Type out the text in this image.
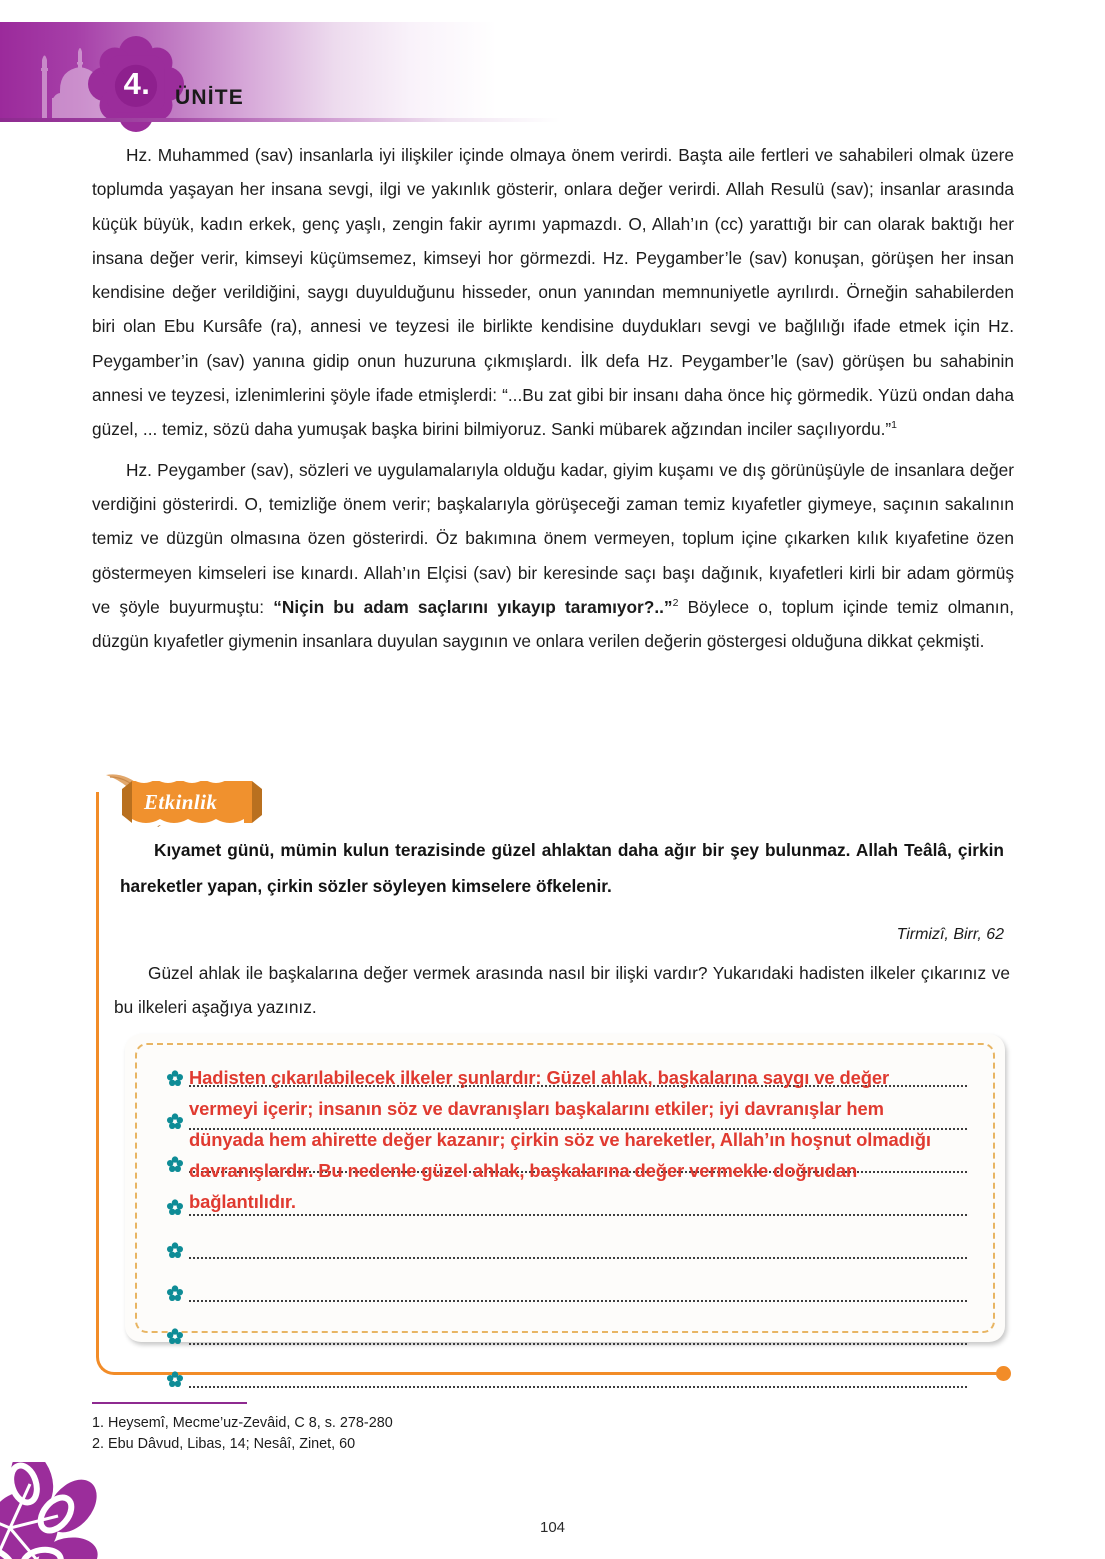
4.	ÜNİTE

Hz. Muhammed (sav) insanlarla iyi ilişkiler içinde olmaya önem verirdi. Başta aile fertleri ve sahabileri olmak üzere toplumda yaşayan her insana sevgi, ilgi ve yakınlık gösterir, onlara değer verirdi. Allah Resulü (sav); insanlar arasında küçük büyük, kadın erkek, genç yaşlı, zengin fakir ayrımı yapmazdı. O, Allah’ın (cc) yarattığı bir can olarak baktığı her insana değer verir, kimseyi küçümsemez, kimseyi hor görmezdi. Hz. Peygamber’le (sav) konuşan, görüşen her insan kendisine değer verildiğini, saygı duyulduğunu hisseder, onun yanından memnuniyetle ayrılırdı. Örneğin sahabilerden biri olan Ebu Kursâfe (ra), annesi ve teyzesi ile birlikte kendisine duydukları sevgi ve bağlılığı ifade etmek için Hz. Peygamber’in (sav) yanına gidip onun huzuruna çıkmışlardı. İlk defa Hz. Peygamber’le (sav) görüşen bu sahabinin annesi ve teyzesi, izlenimlerini şöyle ifade etmişlerdi: “...Bu zat gibi bir insanı daha önce hiç görmedik. Yüzü ondan daha güzel, ... temiz, sözü daha yumuşak başka birini bilmiyoruz. Sanki mübarek ağzından inciler saçılıyordu.”$^1$

Hz. Peygamber (sav), sözleri ve uygulamalarıyla olduğu kadar, giyim kuşamı ve dış görünüşüyle de insanlara değer verdiğini gösterirdi. O, temizliğe önem verir; başkalarıyla görüşeceği zaman temiz kıyafetler giymeye, saçının sakalının temiz ve düzgün olmasına özen gösterirdi. Öz bakımına önem vermeyen, toplum içine çıkarken kılık kıyafetine özen göstermeyen kimseleri ise kınardı. Allah’ın Elçisi (sav) bir keresinde saçı başı dağınık, kıyafetleri kirli bir adam görmüş ve şöyle buyurmuştu: “Niçin bu adam saçlarını yıkayıp taramıyor?..”$^2$ Böylece o, toplum içinde temiz olmanın, düzgün kıyafetler giymenin insanlara duyulan saygının ve onlara verilen değerin göstergesi olduğuna dikkat çekmişti.

Etkinlik

Kıyamet günü, mümin kulun terazisinde güzel ahlaktan daha ağır bir şey bulunmaz. Allah Teâlâ, çirkin hareketler yapan, çirkin sözler söyleyen kimselere öfkelenir.

Tirmizî, Birr, 62

Güzel ahlak ile başkalarına değer vermek arasında nasıl bir ilişki vardır? Yukarıdaki hadisten ilkeler çıkarınız ve bu ilkeleri aşağıya yazınız.

Hadisten çıkarılabilecek ilkeler şunlardır: Güzel ahlak, başkalarına saygı ve değer vermeyi içerir; insanın söz ve davranışları başkalarını etkiler; iyi davranışlar hem dünyada hem ahirette değer kazanır; çirkin söz ve hareketler, Allah’ın hoşnut olmadığı davranışlardır. Bu nedenle güzel ahlak, başkalarına değer vermekle doğrudan bağlantılıdır.
1. Heysemî, Mecme’uz-Zevâid, C 8, s. 278-280
2. Ebu Dâvud, Libas, 14; Nesâî, Zinet, 60
104
